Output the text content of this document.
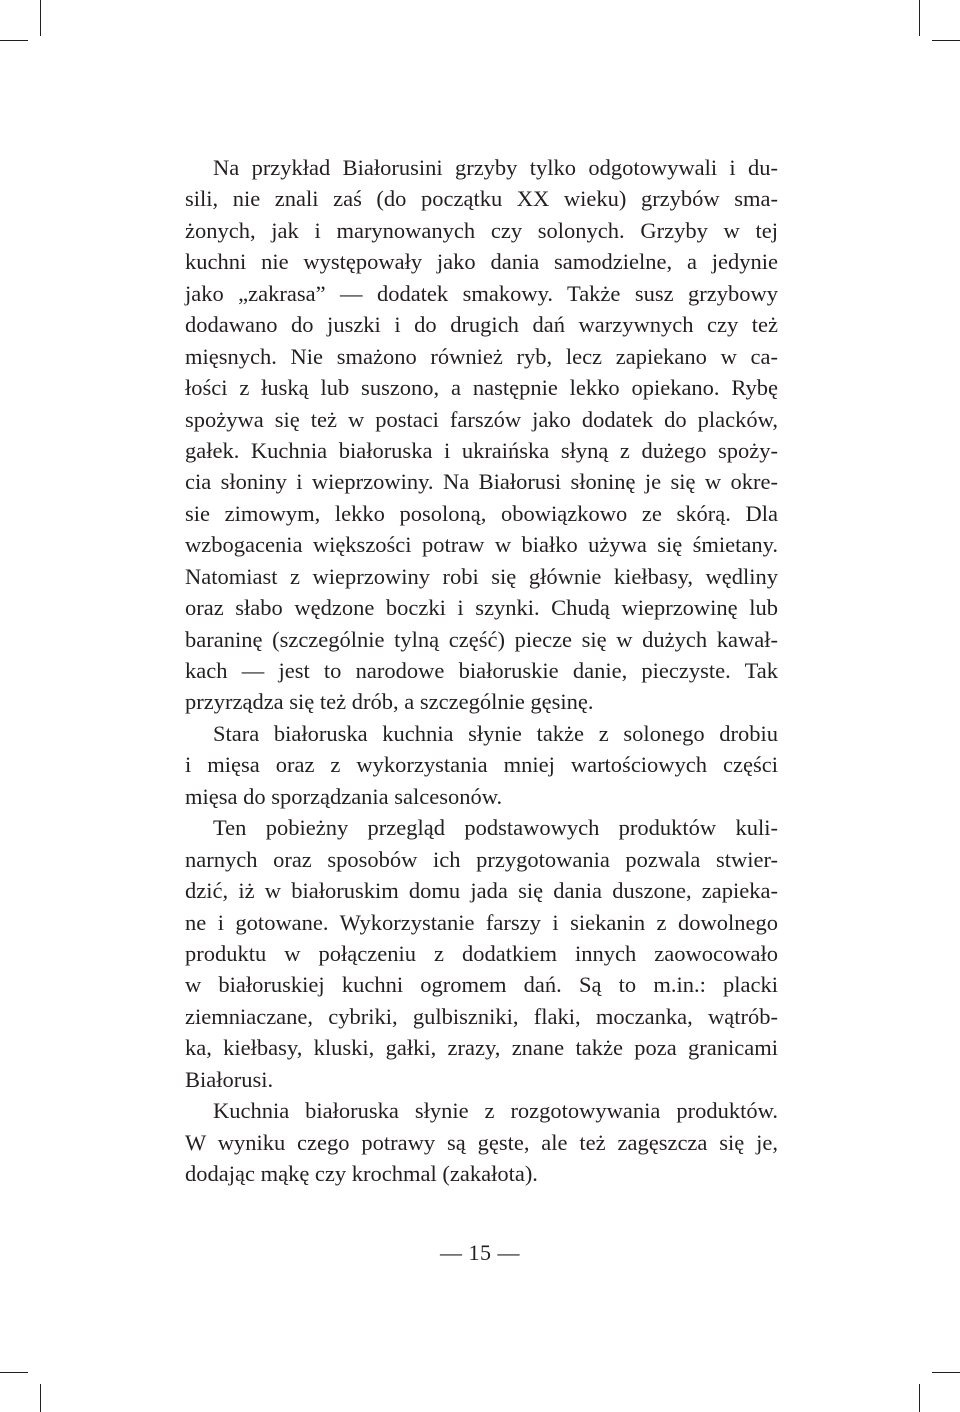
Na przykład Białorusini grzyby tylko odgotowywali i du-
sili, nie znali zaś (do początku XX wieku) grzybów sma-
żonych, jak i marynowanych czy solonych. Grzyby w tej
kuchni nie występowały jako dania samodzielne, a jedynie
jako „zakrasa” — dodatek smakowy. Także susz grzybowy
dodawano do juszki i do drugich dań warzywnych czy też
mięsnych. Nie smażono również ryb, lecz zapiekano w ca-
łości z łuską lub suszono, a następnie lekko opiekano. Rybę
spożywa się też w postaci farszów jako dodatek do placków,
gałek. Kuchnia białoruska i ukraińska słyną z dużego spoży-
cia słoniny i wieprzowiny. Na Białorusi słoninę je się w okre-
sie zimowym, lekko posoloną, obowiązkowo ze skórą. Dla
wzbogacenia większości potraw w białko używa się śmietany.
Natomiast z wieprzowiny robi się głównie kiełbasy, wędliny
oraz słabo wędzone boczki i szynki. Chudą wieprzowinę lub
baraninę (szczególnie tylną część) piecze się w dużych kawał-
kach — jest to narodowe białoruskie danie, pieczyste. Tak
przyrządza się też drób, a szczególnie gęsinę.
Stara białoruska kuchnia słynie także z solonego drobiu
i mięsa oraz z wykorzystania mniej wartościowych części
mięsa do sporządzania salcesonów.
Ten pobieżny przegląd podstawowych produktów kuli-
narnych oraz sposobów ich przygotowania pozwala stwier-
dzić, iż w białoruskim domu jada się dania duszone, zapieka-
ne i gotowane. Wykorzystanie farszy i siekanin z dowolnego
produktu w połączeniu z dodatkiem innych zaowocowało
w białoruskiej kuchni ogromem dań. Są to m.in.: placki
ziemniaczane, cybriki, gulbiszniki, flaki, moczanka, wątrób-
ka, kiełbasy, kluski, gałki, zrazy, znane także poza granicami
Białorusi.
Kuchnia białoruska słynie z rozgotowywania produktów.
W wyniku czego potrawy są gęste, ale też zagęszcza się je,
dodając mąkę czy krochmal (zakałota).
— 15 —
